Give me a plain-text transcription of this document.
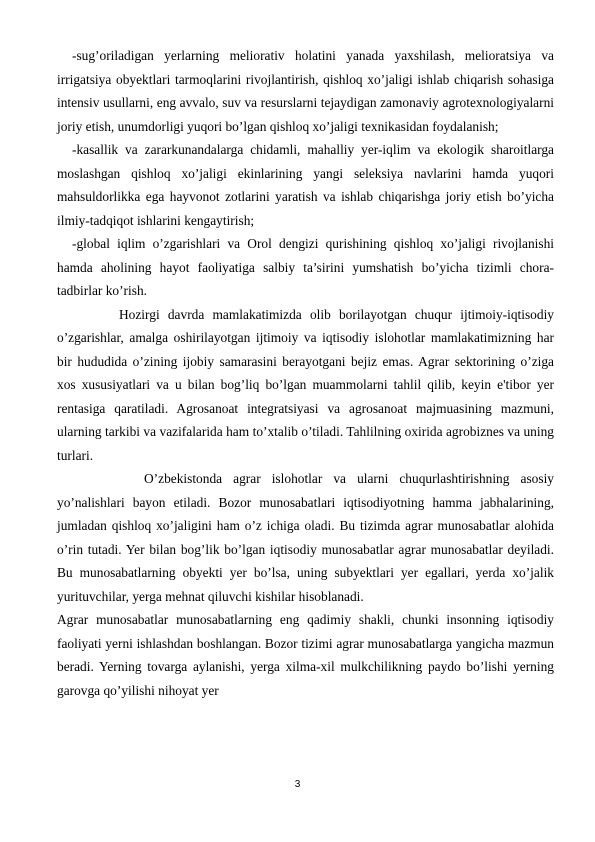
-sug’oriladigan yerlarning meliorativ holatini yanada yaxshilash, melioratsiya va irrigatsiya obyektlari tarmoqlarini rivojlantirish, qishloq xo’jaligi ishlab chiqarish sohasiga intensiv usullarni, eng avvalo, suv va resurslarni tejaydigan zamonaviy agrotexnologiyalarni joriy etish, unumdorligi yuqori bo’lgan qishloq xo’jaligi texnikasidan foydalanish;

-kasallik va zararkunandalarga chidamli, mahalliy yer-iqlim va ekologik sharoitlarga moslashgan qishloq xo’jaligi ekinlarining yangi seleksiya navlarini hamda yuqori mahsuldorlikka ega hayvonot zotlarini yaratish va ishlab chiqarishga joriy etish bo’yicha ilmiy-tadqiqot ishlarini kengaytirish;

-global iqlim o’zgarishlari va Orol dengizi qurishining qishloq xo’jaligi rivojlanishi hamda aholining hayot faoliyatiga salbiy ta’sirini yumshatish bo’yicha tizimli chora-tadbirlar ko’rish.

Hozirgi davrda mamlakatimizda olib borilayotgan chuqur ijtimoiy-iqtisodiy o’zgarishlar, amalga oshirilayotgan ijtimoiy va iqtisodiy islohotlar mamlakatimizning har bir hududida o’zining ijobiy samarasini berayotgani bejiz emas. Agrar sektorining o’ziga xos xususiyatlari va u bilan bog’liq bo’lgan muammolarni tahlil qilib, keyin e'tibor yer rentasiga qaratiladi. Agrosanoat integratsiyasi va agrosanoat majmuasining mazmuni, ularning tarkibi va vazifalarida ham to’xtalib o’tiladi. Tahlilning oxirida agrobiznes va uning turlari.

O’zbekistonda agrar islohotlar va ularni chuqurlashtirishning asosiy yo’nalishlari bayon etiladi. Bozor munosabatlari iqtisodiyotning hamma jabhalarining, jumladan qishloq xo’jaligini ham o’z ichiga oladi. Bu tizimda agrar munosabatlar alohida o’rin tutadi. Yer bilan bog’lik bo’lgan iqtisodiy munosabatlar agrar munosabatlar deyiladi. Bu munosabatlarning obyekti yer bo’lsa, uning subyektlari yer egallari, yerda xo’jalik yurituvchilar, yerga mehnat qiluvchi kishilar hisoblanadi.

Agrar munosabatlar munosabatlarning eng qadimiy shakli, chunki insonning iqtisodiy faoliyati yerni ishlashdan boshlangan. Bozor tizimi agrar munosabatlarga yangicha mazmun beradi. Yerning tovarga aylanishi, yerga xilma-xil mulkchilikning paydo bo’lishi yerning garovga qo’yilishi nihoyat yer

3
